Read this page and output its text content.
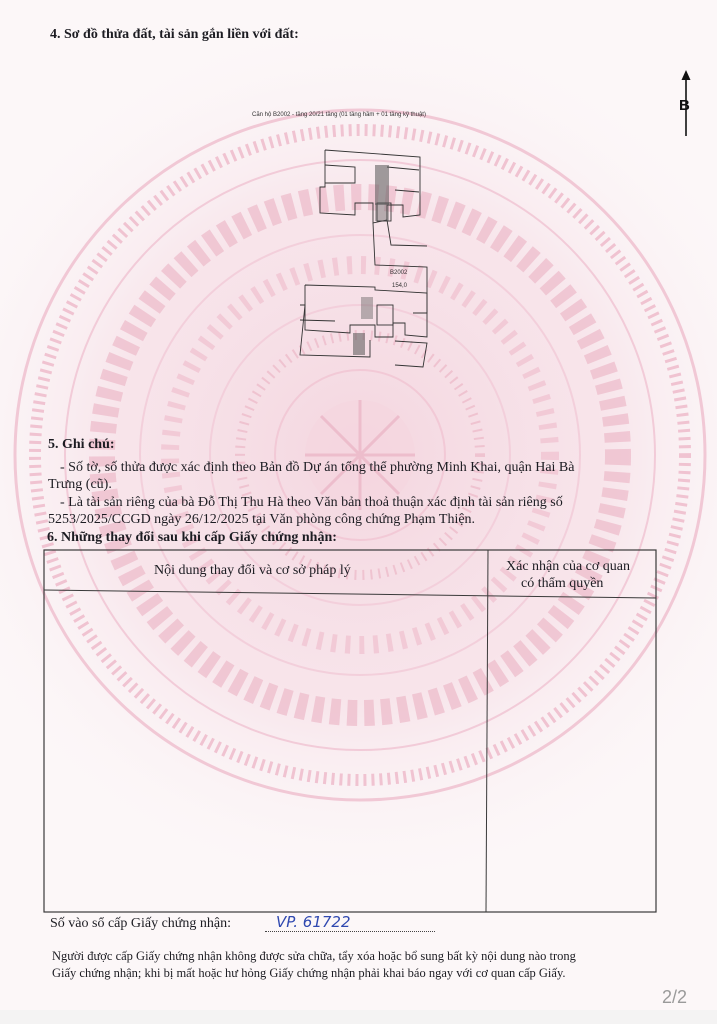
4. Sơ đồ thửa đất, tài sản gắn liền với đất:
Căn hộ B2002 - tầng 20/21 tầng (01 tầng hầm + 01 tầng kỹ thuật)
B
B2002
154,0
5. Ghi chú:
- Số tờ, số thửa được xác định theo Bản đồ Dự án tổng thể phường Minh Khai, quận Hai Bà
Trưng (cũ).
- Là tài sản riêng của bà Đỗ Thị Thu Hà theo Văn bản thoả thuận xác định tài sản riêng số
5253/2025/CCGD ngày 26/12/2025 tại Văn phòng công chứng Phạm Thiện.
6. Những thay đổi sau khi cấp Giấy chứng nhận:
Nội dung thay đổi và cơ sở pháp lý	Xác nhận của cơ quan
có thẩm quyền
Số vào sổ cấp Giấy chứng nhận:	VP. 61722
Người được cấp Giấy chứng nhận không được sửa chữa, tẩy xóa hoặc bổ sung bất kỳ nội dung nào trong
Giấy chứng nhận; khi bị mất hoặc hư hỏng Giấy chứng nhận phải khai báo ngay với cơ quan cấp Giấy.
2/2
